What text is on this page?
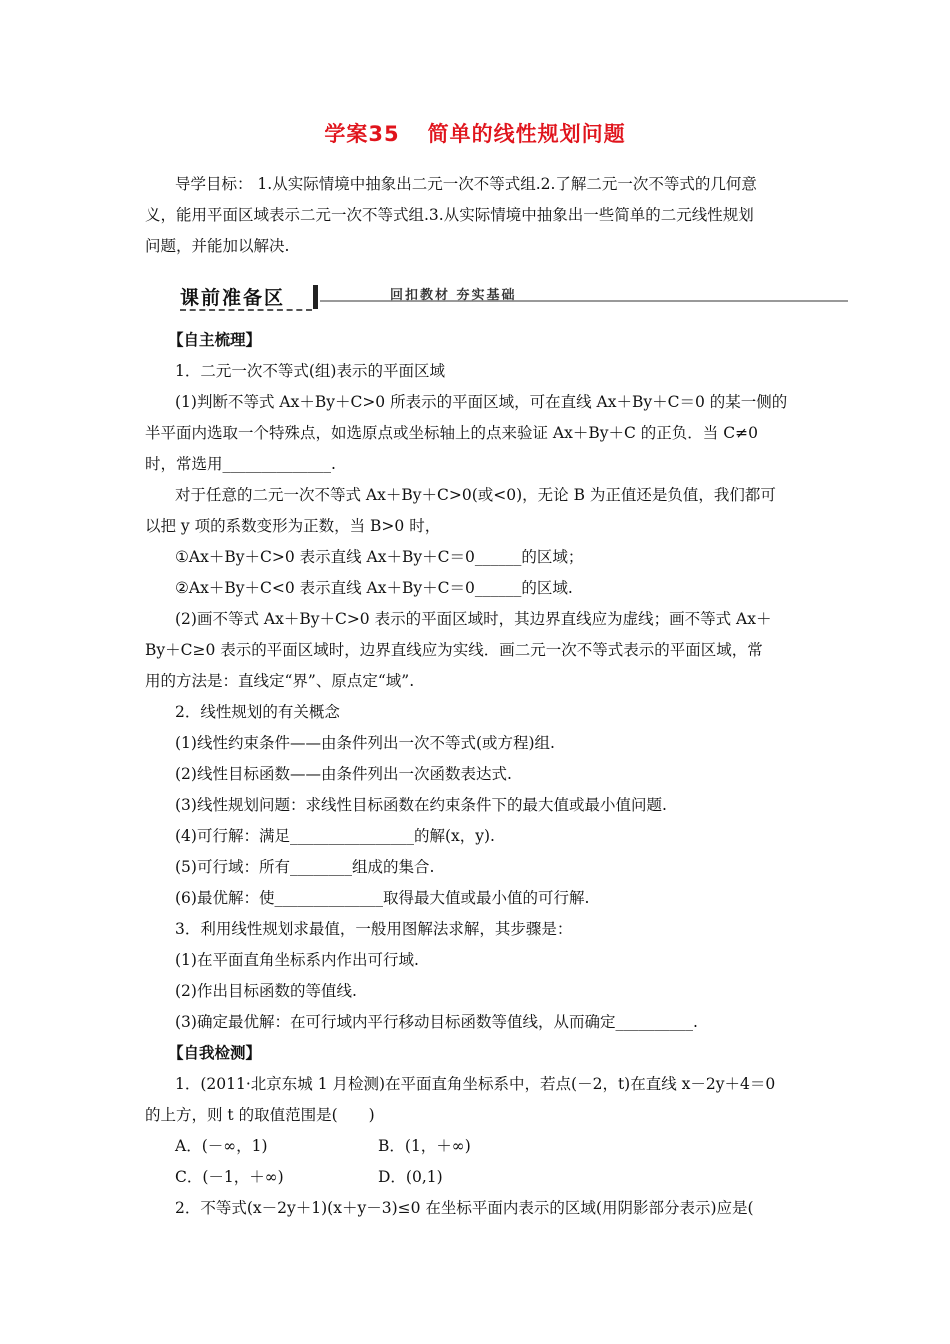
学案35 简单的线性规划问题
导学目标： 1.从实际情境中抽象出二元一次不等式组.2.了解二元一次不等式的几何意
义，能用平面区域表示二元一次不等式组.3.从实际情境中抽象出一些简单的二元线性规划
问题，并能加以解决.
课前准备区	回扣教材 夯实基础
【自主梳理】
1．二元一次不等式(组)表示的平面区域
(1)判断不等式 Ax＋By＋C>0 所表示的平面区域，可在直线 Ax＋By＋C＝0 的某一侧的
半平面内选取一个特殊点，如选原点或坐标轴上的点来验证 Ax＋By＋C 的正负．当 C≠0
时，常选用______________.
对于任意的二元一次不等式 Ax＋By＋C>0(或<0)，无论 B 为正值还是负值，我们都可
以把 y 项的系数变形为正数，当 B>0 时，
①Ax＋By＋C>0 表示直线 Ax＋By＋C＝0______的区域；
②Ax＋By＋C<0 表示直线 Ax＋By＋C＝0______的区域.
(2)画不等式 Ax＋By＋C>0 表示的平面区域时，其边界直线应为虚线；画不等式 Ax＋
By＋C≥0 表示的平面区域时，边界直线应为实线．画二元一次不等式表示的平面区域，常
用的方法是：直线定“界”、原点定“域”.
2．线性规划的有关概念
(1)线性约束条件——由条件列出一次不等式(或方程)组.
(2)线性目标函数——由条件列出一次函数表达式.
(3)线性规划问题：求线性目标函数在约束条件下的最大值或最小值问题.
(4)可行解：满足________________的解(x，y).
(5)可行域：所有________组成的集合.
(6)最优解：使______________取得最大值或最小值的可行解.
3．利用线性规划求最值，一般用图解法求解，其步骤是：
(1)在平面直角坐标系内作出可行域.
(2)作出目标函数的等值线.
(3)确定最优解：在可行域内平行移动目标函数等值线，从而确定__________.
【自我检测】
1．(2011·北京东城 1 月检测)在平面直角坐标系中，若点(－2，t)在直线 x－2y＋4＝0
的上方，则 t 的取值范围是(　　)
A．(－∞，1)	B．(1，＋∞)
C．(－1，＋∞)	D．(0,1)
2．不等式(x－2y＋1)(x＋y－3)≤0 在坐标平面内表示的区域(用阴影部分表示)应是(
